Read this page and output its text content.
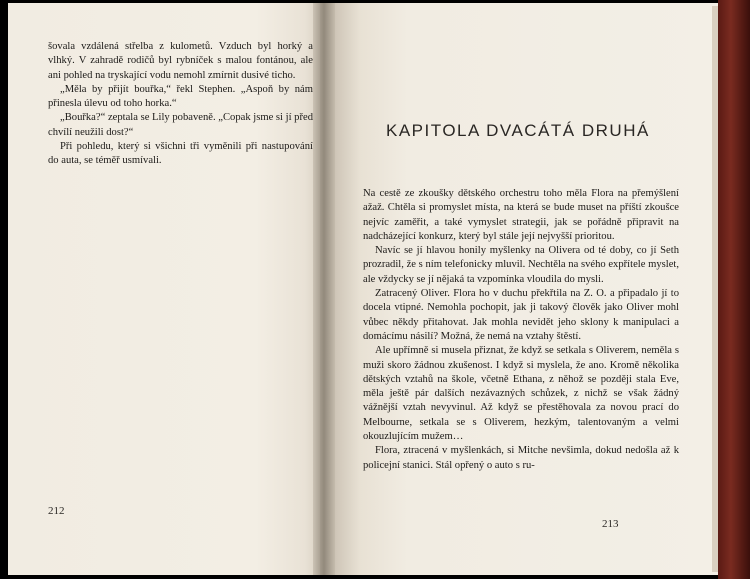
šovala vzdálená střelba z kulometů. Vzduch byl horký a vlhký. V zahradě rodičů byl rybníček s malou fontánou, ale ani pohled na tryskající vodu nemohl zmírnit dusivé ticho.

„Měla by přijít bouřka,“ řekl Stephen. „Aspoň by nám přinesla úlevu od toho horka.“

„Bouřka?“ zeptala se Lily pobaveně. „Copak jsme si jí před chvílí neužili dost?“

Při pohledu, který si všichni tři vyměnili při nastupování do auta, se téměř usmívali.

212
KAPITOLA DVACÁTÁ DRUHÁ

Na cestě ze zkoušky dětského orchestru toho měla Flora na přemýšlení ažaž. Chtěla si promyslet místa, na která se bude muset na příští zkoušce nejvíc zaměřit, a také vymyslet strategii, jak se pořádně připravit na nadcházející konkurz, který byl stále její nejvyšší prioritou.

Navíc se jí hlavou honily myšlenky na Olivera od té doby, co jí Seth prozradil, že s ním telefonicky mluvil. Nechtěla na svého expřítele myslet, ale vždycky se jí nějaká ta vzpomínka vloudila do mysli.

Zatracený Oliver. Flora ho v duchu překřtila na Z. O. a připadalo jí to docela vtipné. Nemohla pochopit, jak ji takový člověk jako Oliver mohl vůbec někdy přitahovat. Jak mohla nevidět jeho sklony k manipulaci a domácímu násilí? Možná, že nemá na vztahy štěstí.

Ale upřímně si musela přiznat, že když se setkala s Oliverem, neměla s muži skoro žádnou zkušenost. I když si myslela, že ano. Kromě několika dětských vztahů na škole, včetně Ethana, z něhož se později stala Eve, měla ještě pár dalších nezávazných schůzek, z nichž se však žádný vážnější vztah nevyvinul. Až když se přestěhovala za novou prací do Melbourne, setkala se s Oliverem, hezkým, talentovaným a velmi okouzlujícím mužem…

Flora, ztracená v myšlenkách, si Mitche nevšimla, dokud nedošla až k policejní stanici. Stál opřený o auto s ru-

213
